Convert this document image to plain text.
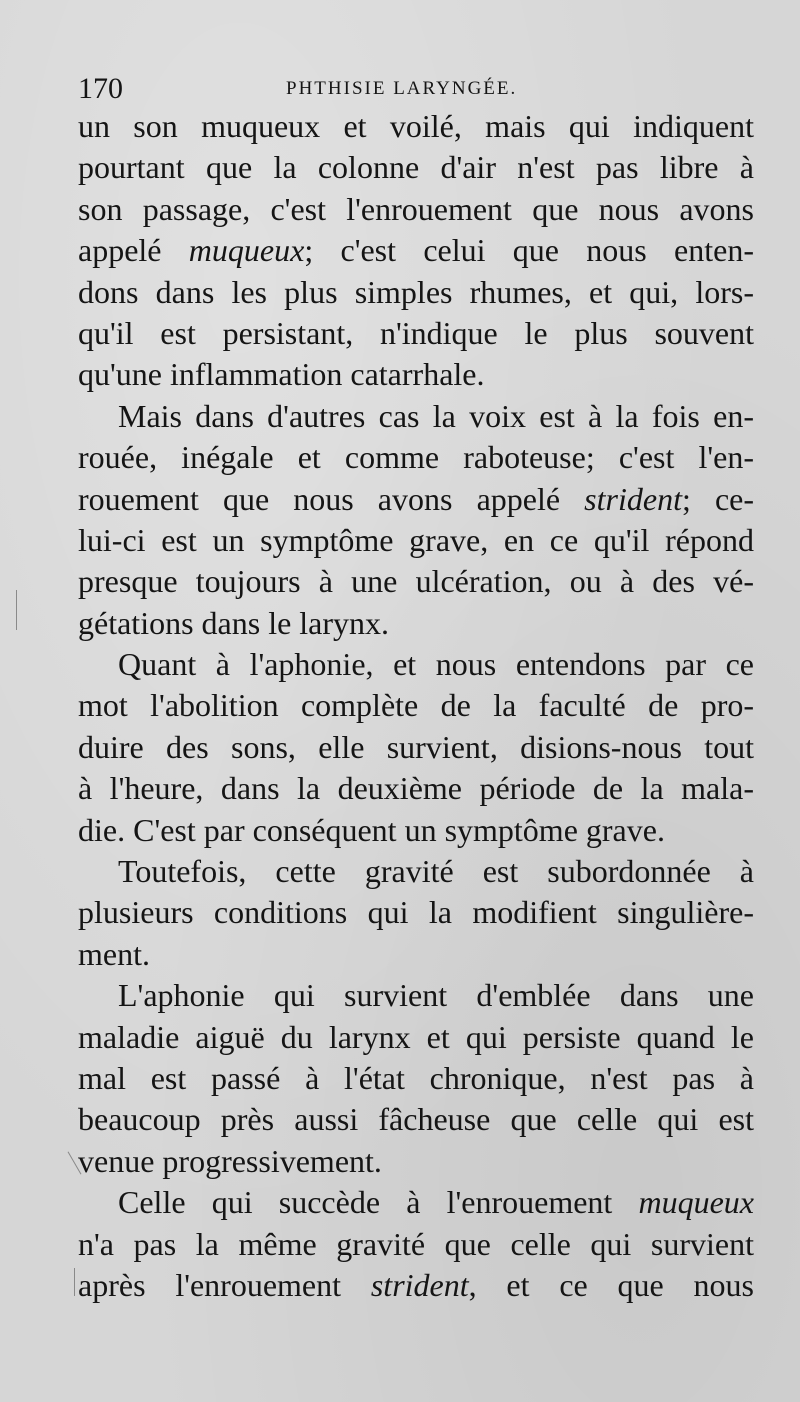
170	PHTHISIE LARYNGÉE.
un son muqueux et voilé, mais qui indiquent
pourtant que la colonne d'air n'est pas libre à
son passage, c'est l'enrouement que nous avons
appelé muqueux; c'est celui que nous enten-
dons dans les plus simples rhumes, et qui, lors-
qu'il est persistant, n'indique le plus souvent
qu'une inflammation catarrhale.
Mais dans d'autres cas la voix est à la fois en-
rouée, inégale et comme raboteuse; c'est l'en-
rouement que nous avons appelé strident; ce-
lui-ci est un symptôme grave, en ce qu'il répond
presque toujours à une ulcération, ou à des vé-
gétations dans le larynx.
Quant à l'aphonie, et nous entendons par ce
mot l'abolition complète de la faculté de pro-
duire des sons, elle survient, disions-nous tout
à l'heure, dans la deuxième période de la mala-
die. C'est par conséquent un symptôme grave.
Toutefois, cette gravité est subordonnée à
plusieurs conditions qui la modifient singulière-
ment.
L'aphonie qui survient d'emblée dans une
maladie aiguë du larynx et qui persiste quand le
mal est passé à l'état chronique, n'est pas à
beaucoup près aussi fâcheuse que celle qui est
venue progressivement.
Celle qui succède à l'enrouement muqueux
n'a pas la même gravité que celle qui survient
après l'enrouement strident, et ce que nous
